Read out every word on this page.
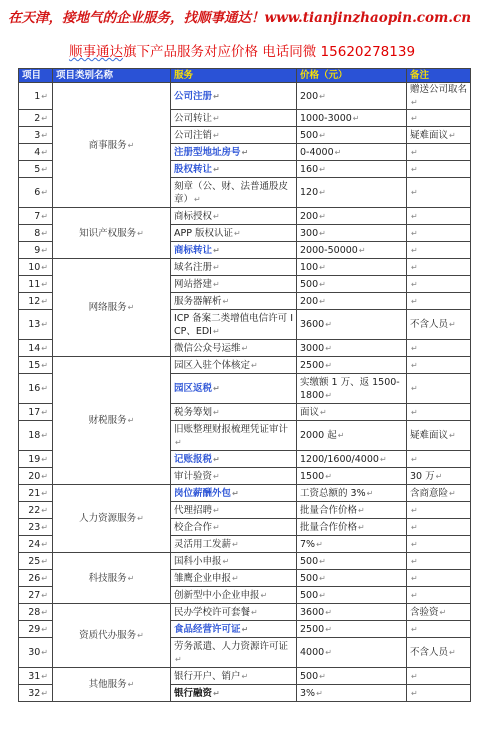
在天津，接地气的企业服务，找顺事通达！www.tianjinzhaopin.com.cn
顺事通达旗下产品服务对应价格 电话同微 15620278139
项目	项目类别名称	服务	价格（元）	备注
1↵	商事服务↵	公司注册↵	200↵	赠送公司取名↵
2↵		公司转让↵	1000-3000↵	↵
3↵		公司注销↵	500↵	疑难面议↵
4↵		注册型地址房号↵	0-4000↵	↵
5↵		股权转让↵	160↵	↵
6↵		刻章（公、财、法普通股皮章）↵	120↵	↵
7↵	知识产权服务↵	商标授权↵	200↵	↵
8↵		APP 版权认证↵	300↵	↵
9↵		商标转让↵	2000-50000↵	↵
10↵	网络服务↵	域名注册↵	100↵	↵
11↵		网站搭建↵	500↵	↵
12↵		服务器解析↵	200↵	↵
13↵		ICP 备案二类增值电信许可 ICP、EDI↵	3600↵	不含人员↵
14↵		微信公众号运维↵	3000↵	↵
15↵	财税服务↵	园区入驻个体核定↵	2500↵	↵
16↵		园区返税↵	实缴额 1 万、返 1500-1800↵	↵
17↵		税务筹划↵	面议↵	↵
18↵		旧账整理财报梳理凭证审计↵	2000 起↵	疑难面议↵
19↵		记账报税↵	1200/1600/4000↵	↵
20↵		审计验资↵	1500↵	30 万↵
21↵	人力资源服务↵	岗位薪酬外包↵	工资总额的 3%↵	含商意险↵
22↵		代理招聘↵	批量合作价格↵	↵
23↵		校企合作↵	批量合作价格↵	↵
24↵		灵活用工发薪↵	7%↵	↵
25↵	科技服务↵	国科小申报↵	500↵	↵
26↵		雏鹰企业申报↵	500↵	↵
27↵		创新型中小企业申报↵	500↵	↵
28↵	资质代办服务↵	民办学校许可套餐↵	3600↵	含验资↵
29↵		食品经营许可证↵	2500↵	↵
30↵		劳务派遣、人力资源许可证↵	4000↵	不含人员↵
31↵	其他服务↵	银行开户、销户↵	500↵	↵
32↵		银行融资↵	3%↵	↵
